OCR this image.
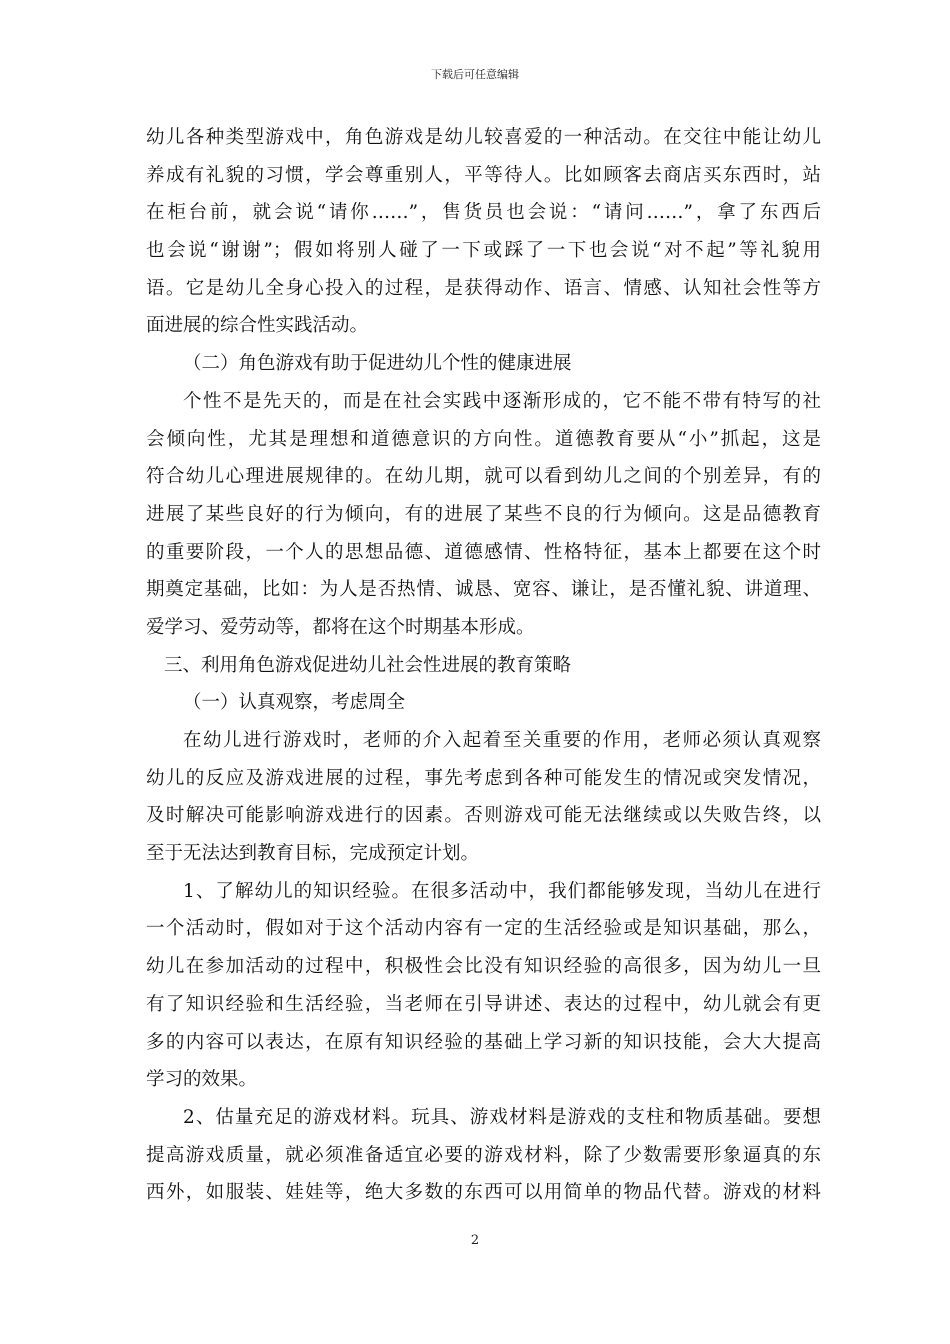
下载后可任意编辑
幼儿各种类型游戏中，角色游戏是幼儿较喜爱的一种活动。在交往中能让幼儿
养成有礼貌的习惯，学会尊重别人，平等待人。比如顾客去商店买东西时，站
在柜台前，就会说“请你……”，售货员也会说：“请问……”，拿了东西后
也会说“谢谢”；假如将别人碰了一下或踩了一下也会说“对不起”等礼貌用
语。它是幼儿全身心投入的过程，是获得动作、语言、情感、认知社会性等方
面进展的综合性实践活动。
（二）角色游戏有助于促进幼儿个性的健康进展
个性不是先天的，而是在社会实践中逐渐形成的，它不能不带有特写的社
会倾向性，尤其是理想和道德意识的方向性。道德教育要从“小”抓起，这是
符合幼儿心理进展规律的。在幼儿期，就可以看到幼儿之间的个别差异，有的
进展了某些良好的行为倾向，有的进展了某些不良的行为倾向。这是品德教育
的重要阶段，一个人的思想品德、道德感情、性格特征，基本上都要在这个时
期奠定基础，比如：为人是否热情、诚恳、宽容、谦让，是否懂礼貌、讲道理、
爱学习、爱劳动等，都将在这个时期基本形成。
三、利用角色游戏促进幼儿社会性进展的教育策略
（一）认真观察，考虑周全
在幼儿进行游戏时，老师的介入起着至关重要的作用，老师必须认真观察
幼儿的反应及游戏进展的过程，事先考虑到各种可能发生的情况或突发情况，
及时解决可能影响游戏进行的因素。否则游戏可能无法继续或以失败告终，以
至于无法达到教育目标，完成预定计划。
1、了解幼儿的知识经验。在很多活动中，我们都能够发现，当幼儿在进行
一个活动时，假如对于这个活动内容有一定的生活经验或是知识基础，那么，
幼儿在参加活动的过程中，积极性会比没有知识经验的高很多，因为幼儿一旦
有了知识经验和生活经验，当老师在引导讲述、表达的过程中，幼儿就会有更
多的内容可以表达，在原有知识经验的基础上学习新的知识技能，会大大提高
学习的效果。
2、估量充足的游戏材料。玩具、游戏材料是游戏的支柱和物质基础。要想
提高游戏质量，就必须准备适宜必要的游戏材料，除了少数需要形象逼真的东
西外，如服装、娃娃等，绝大多数的东西可以用简单的物品代替。游戏的材料
2
